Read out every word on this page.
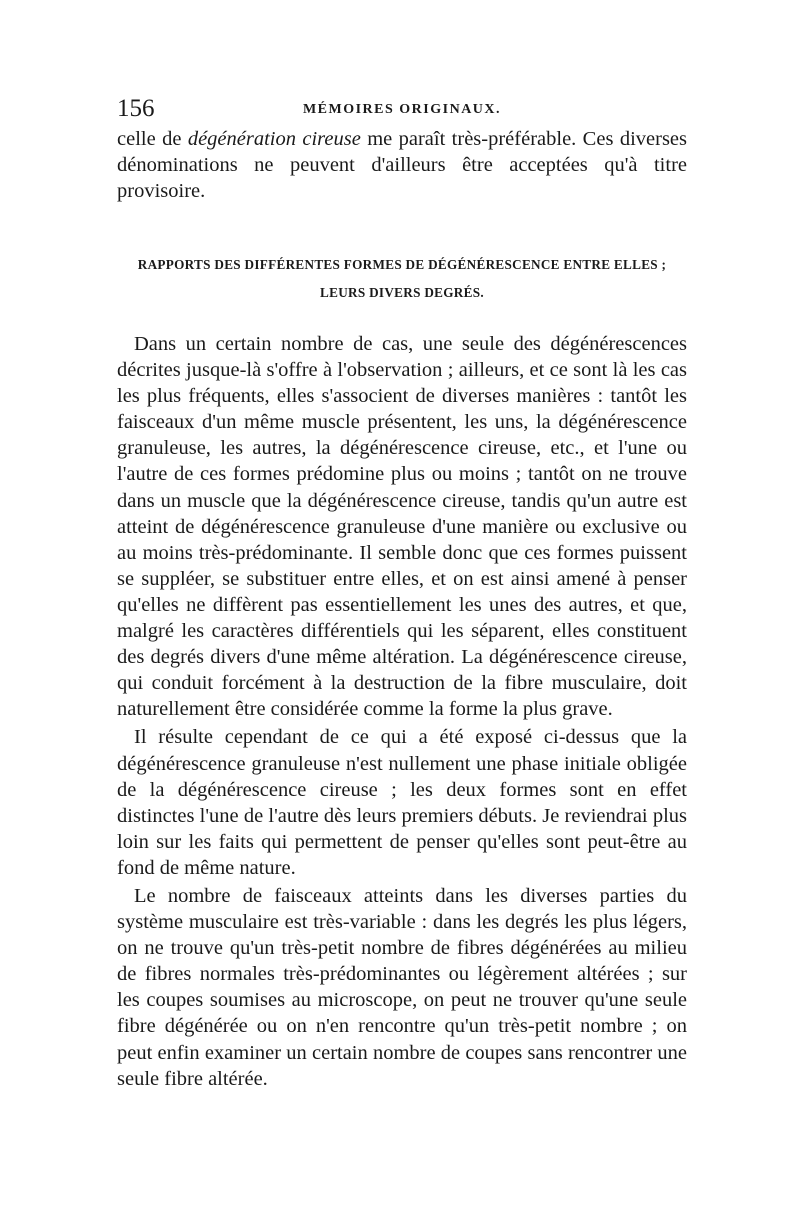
156	MÉMOIRES ORIGINAUX.

celle de dégénération cireuse me paraît très-préférable. Ces diverses dénominations ne peuvent d'ailleurs être acceptées qu'à titre provisoire.

RAPPORTS DES DIFFÉRENTES FORMES DE DÉGÉNÉRESCENCE ENTRE ELLES ;
LEURS DIVERS DEGRÉS.

Dans un certain nombre de cas, une seule des dégénérescences décrites jusque-là s'offre à l'observation ; ailleurs, et ce sont là les cas les plus fréquents, elles s'associent de diverses manières : tantôt les faisceaux d'un même muscle présentent, les uns, la dégénérescence granuleuse, les autres, la dégénérescence cireuse, etc., et l'une ou l'autre de ces formes prédomine plus ou moins ; tantôt on ne trouve dans un muscle que la dégénérescence cireuse, tandis qu'un autre est atteint de dégénérescence granuleuse d'une manière ou exclusive ou au moins très-prédominante. Il semble donc que ces formes puissent se suppléer, se substituer entre elles, et on est ainsi amené à penser qu'elles ne diffèrent pas essentiellement les unes des autres, et que, malgré les caractères différentiels qui les séparent, elles constituent des degrés divers d'une même altération. La dégénérescence cireuse, qui conduit forcément à la destruction de la fibre musculaire, doit naturellement être considérée comme la forme la plus grave.

Il résulte cependant de ce qui a été exposé ci-dessus que la dégénérescence granuleuse n'est nullement une phase initiale obligée de la dégénérescence cireuse ; les deux formes sont en effet distinctes l'une de l'autre dès leurs premiers débuts. Je reviendrai plus loin sur les faits qui permettent de penser qu'elles sont peut-être au fond de même nature.

Le nombre de faisceaux atteints dans les diverses parties du système musculaire est très-variable : dans les degrés les plus légers, on ne trouve qu'un très-petit nombre de fibres dégénérées au milieu de fibres normales très-prédominantes ou légèrement altérées ; sur les coupes soumises au microscope, on peut ne trouver qu'une seule fibre dégénérée ou on n'en rencontre qu'un très-petit nombre ; on peut enfin examiner un certain nombre de coupes sans rencontrer une seule fibre altérée.
